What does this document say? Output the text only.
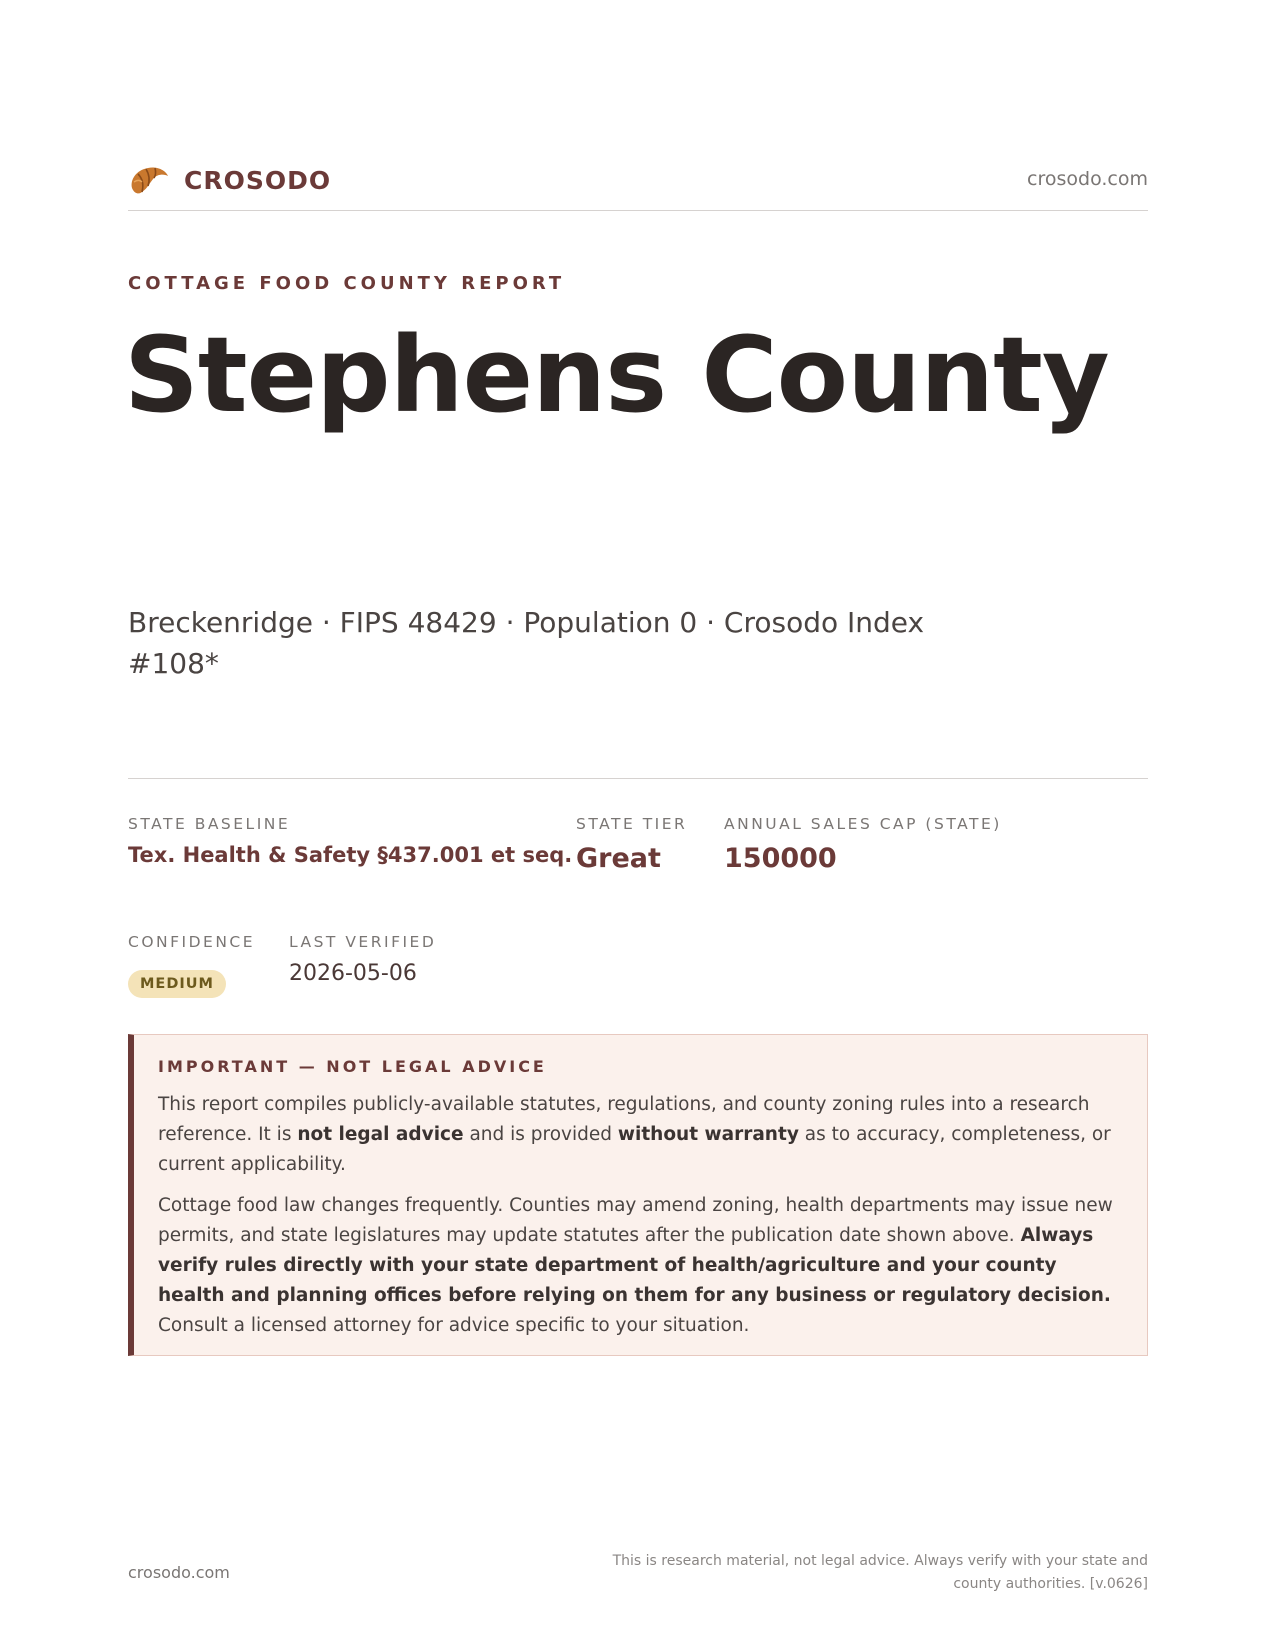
CROSODO	crosodo.com
COTTAGE FOOD COUNTY REPORT
Stephens County
Breckenridge · FIPS 48429 · Population 0 · Crosodo Index #108*
STATE BASELINE
Tex. Health & Safety §437.001 et seq.
STATE TIER
Great
ANNUAL SALES CAP (STATE)
150000
CONFIDENCE
MEDIUM
LAST VERIFIED
2026-05-06
IMPORTANT — NOT LEGAL ADVICE

This report compiles publicly-available statutes, regulations, and county zoning rules into a research reference. It is not legal advice and is provided without warranty as to accuracy, completeness, or current applicability.

Cottage food law changes frequently. Counties may amend zoning, health departments may issue new permits, and state legislatures may update statutes after the publication date shown above. Always verify rules directly with your state department of health/agriculture and your county health and planning offices before relying on them for any business or regulatory decision. Consult a licensed attorney for advice specific to your situation.

crosodo.com
This is research material, not legal advice. Always verify with your state and county authorities. [v.0626]
